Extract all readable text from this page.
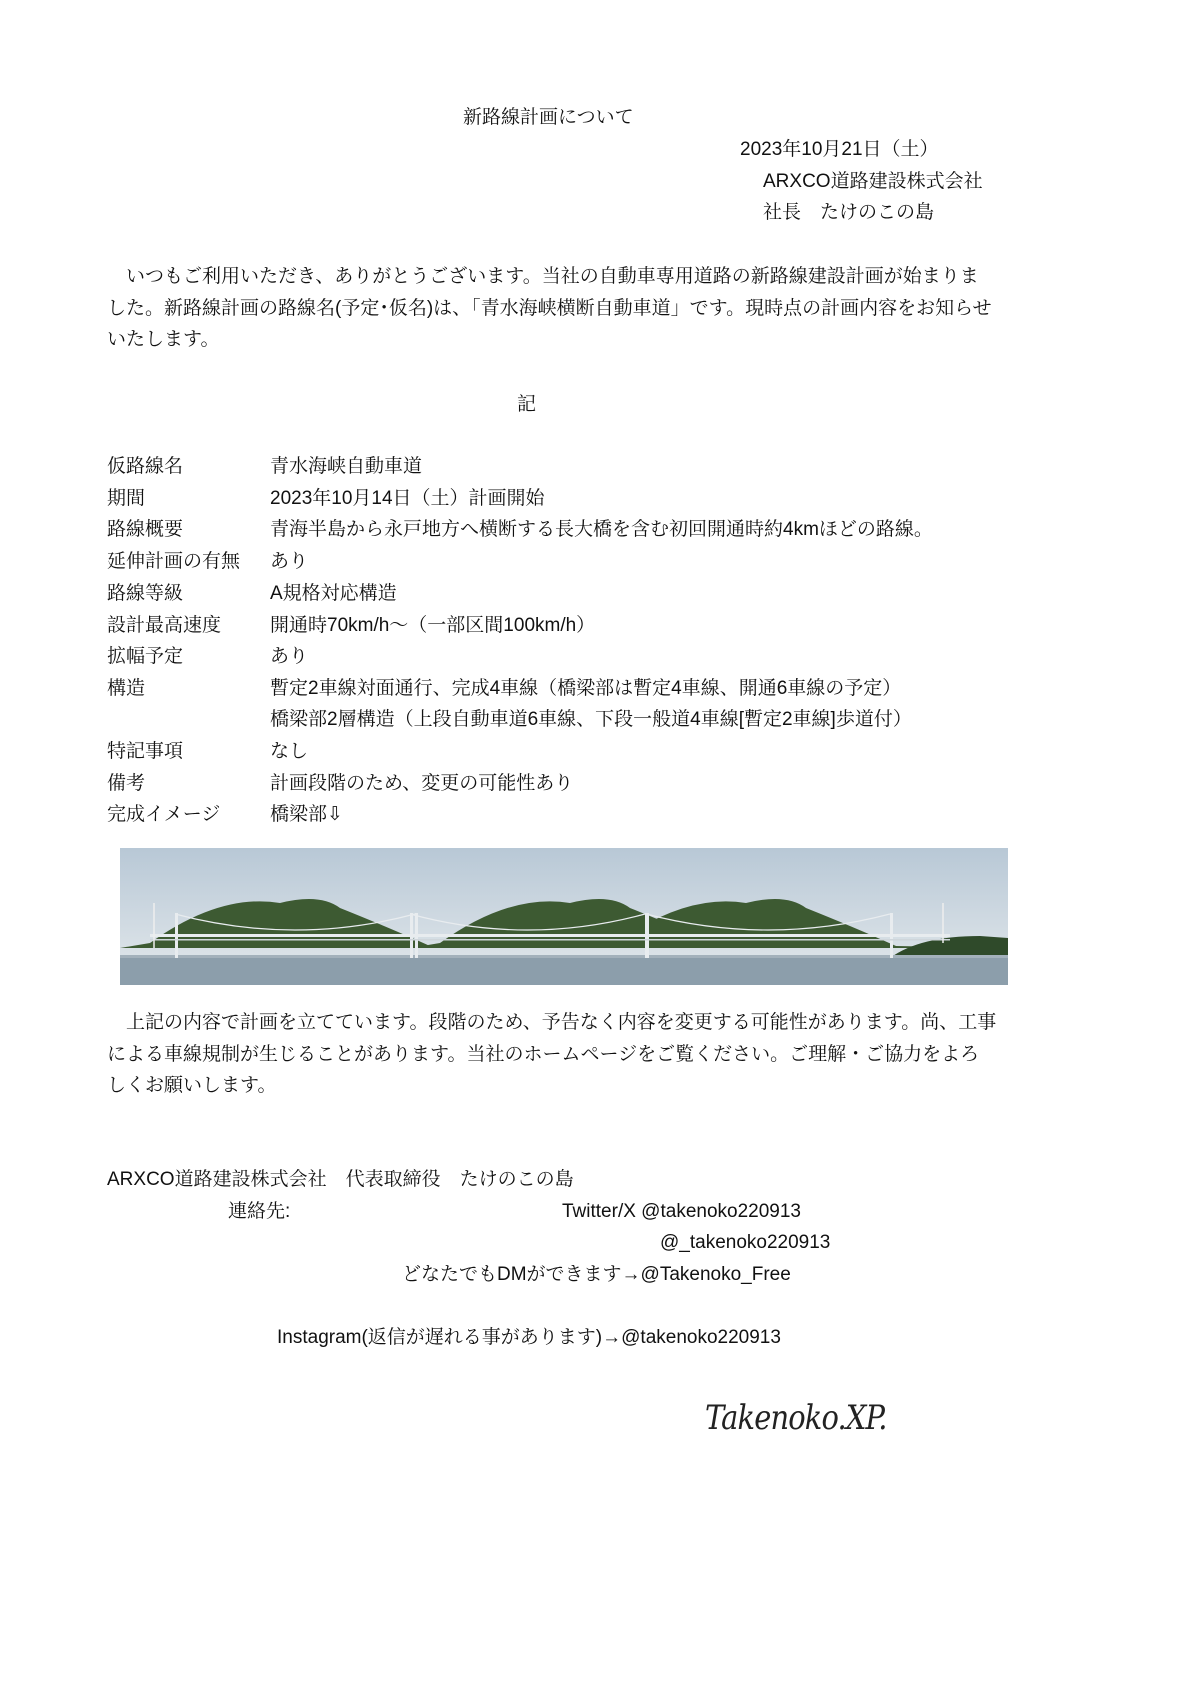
新路線計画について
2023年10月21日（土）
ARXCO道路建設株式会社
社長　たけのこの島
いつもご利用いただき、ありがとうございます。当社の自動車専用道路の新路線建設計画が始まりました。新路線計画の路線名(予定･仮名)は、「青水海峡横断自動車道」です。現時点の計画内容をお知らせいたします。
記
仮路線名	青水海峡自動車道
期間	2023年10月14日（土）計画開始
路線概要	青海半島から永戸地方へ横断する長大橋を含む初回開通時約4kmほどの路線。
延伸計画の有無 あり
路線等級	A規格対応構造
設計最高速度	開通時70km/h〜（一部区間100km/h）
拡幅予定	あり
構造	暫定2車線対面通行、完成4車線（橋梁部は暫定4車線、開通6車線の予定）
橋梁部2層構造（上段自動車道6車線、下段一般道4車線[暫定2車線]歩道付）
特記事項	なし
備考	計画段階のため、変更の可能性あり
完成イメージ	橋梁部⇩
上記の内容で計画を立てています。段階のため、予告なく内容を変更する可能性があります。尚、工事による車線規制が生じることがあります。当社のホームページをご覧ください。ご理解・ご協力をよろしくお願いします。
ARXCO道路建設株式会社　代表取締役　たけのこの島
連絡先:	Twitter/X @takenoko220913
@_takenoko220913
どなたでもDMができます→@Takenoko_Free
Instagram(返信が遅れる事があります)→@takenoko220913
Takenoko.XP.
